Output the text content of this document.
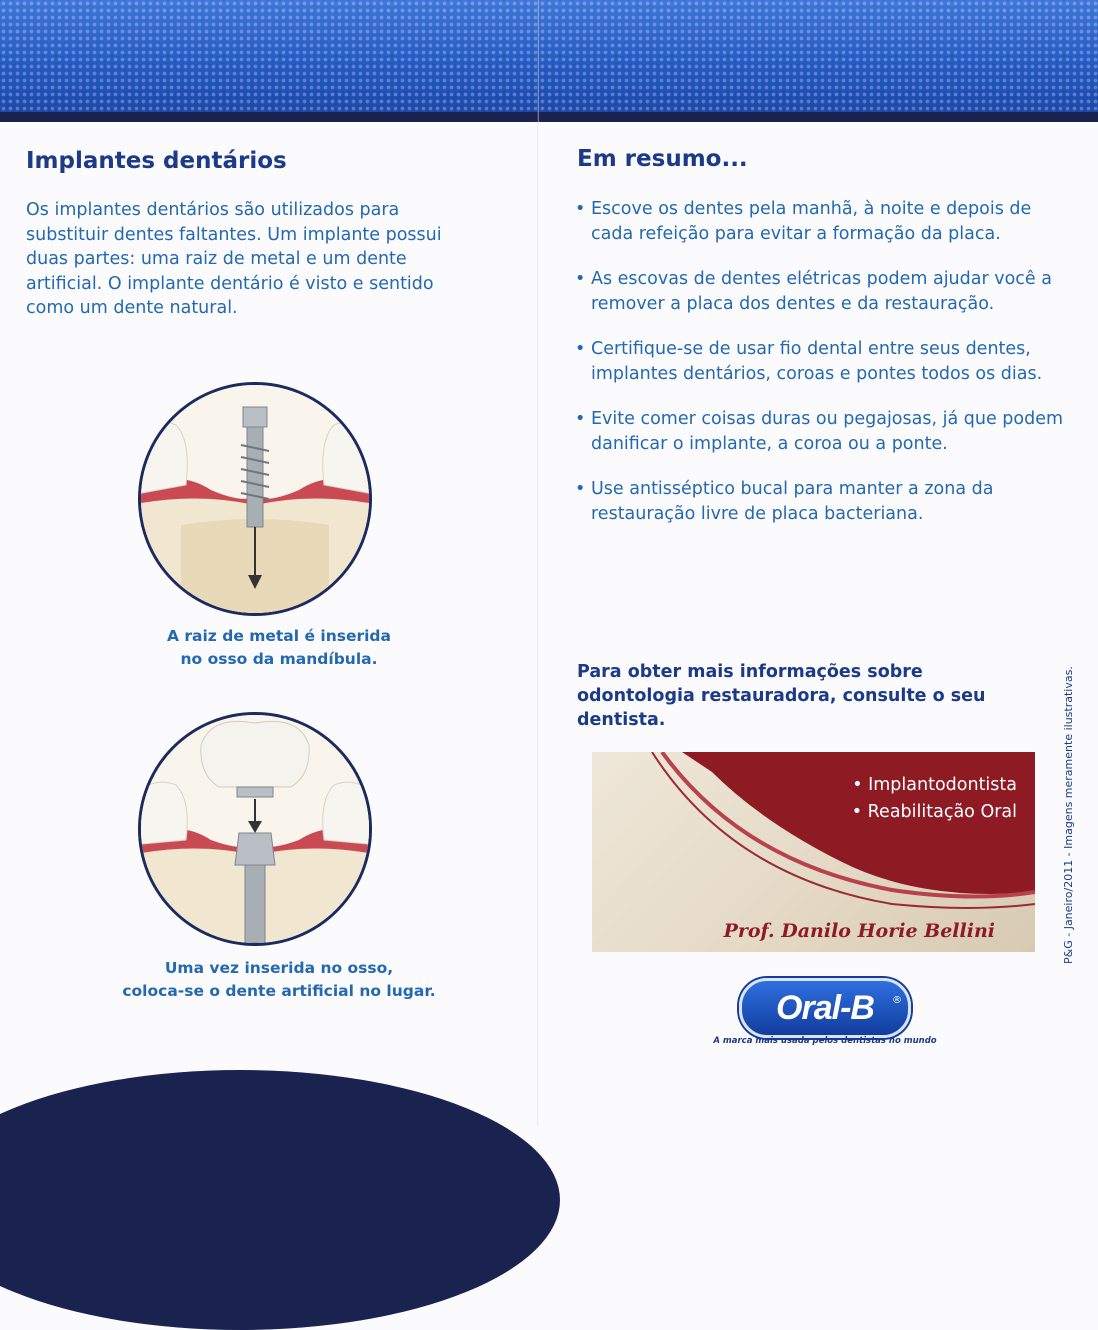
Implantes dentários

Os implantes dentários são utilizados para substituir dentes faltantes. Um implante possui duas partes: uma raiz de metal e um dente artificial. O implante dentário é visto e sentido como um dente natural.

A raiz de metal é inserida
no osso da mandíbula.
Uma vez inserida no osso,
coloca-se o dente artificial no lugar.
Em resumo...
• Escove os dentes pela manhã, à noite e depois de cada refeição para evitar a formação da placa.
• As escovas de dentes elétricas podem ajudar você a remover a placa dos dentes e da restauração.
• Certifique-se de usar fio dental entre seus dentes, implantes dentários, coroas e pontes todos os dias.
• Evite comer coisas duras ou pegajosas, já que podem danificar o implante, a coroa ou a ponte.
• Use antisséptico bucal para manter a zona da restauração livre de placa bacteriana.

Para obter mais informações sobre odontologia restauradora, consulte o seu dentista.

• Implantodontista
• Reabilitação Oral
Prof. Danilo Horie Bellini
Oral-B ®
A marca mais usada pelos dentistas no mundo
P&G - Janeiro/2011 - Imagens meramente ilustrativas.
